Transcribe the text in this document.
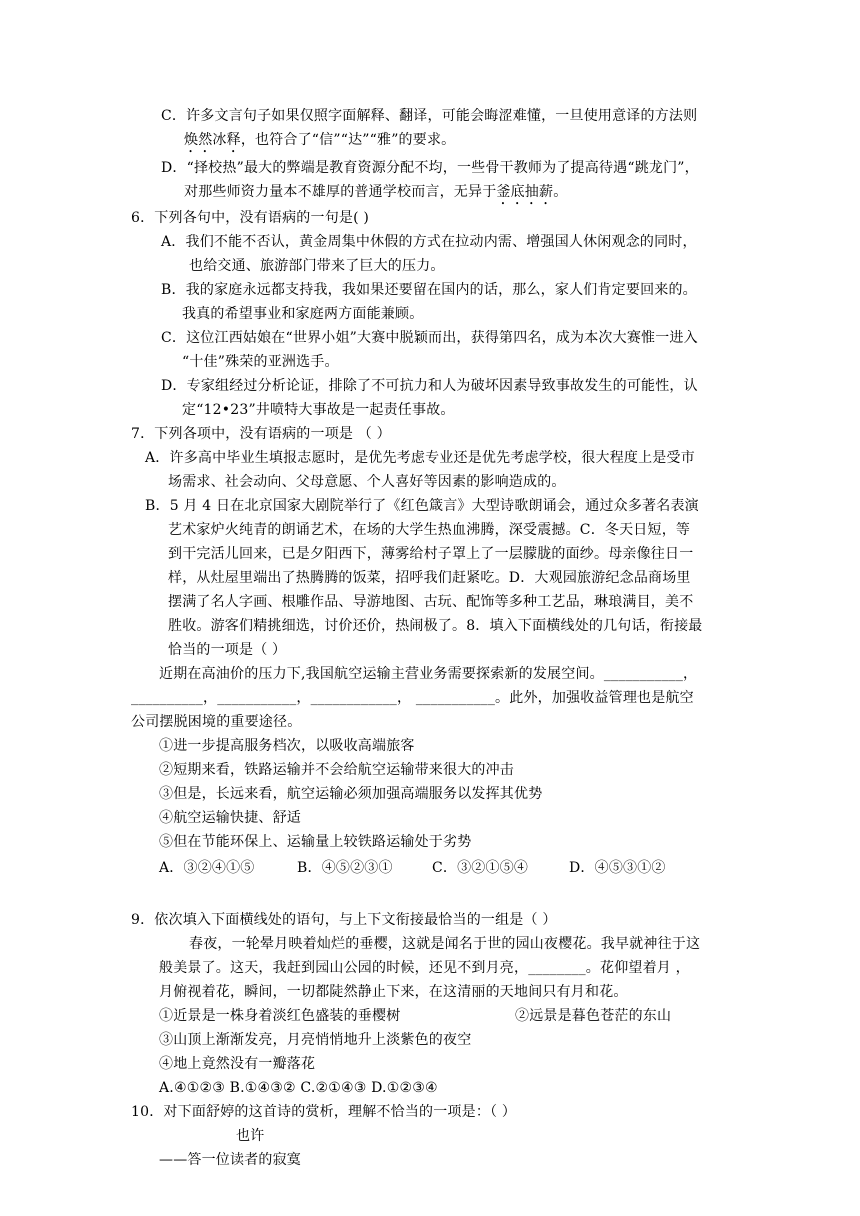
C．许多文言句子如果仅照字面解释、翻译，可能会晦涩难懂，一旦使用意译的方法则
焕然冰释，也符合了“信”“达”“雅”的要求。
D．“择校热”最大的弊端是教育资源分配不均，一些骨干教师为了提高待遇“跳龙门”，
对那些师资力量本不雄厚的普通学校而言，无异于釜底抽薪。
6．下列各句中，没有语病的一句是( )
A．我们不能不否认，黄金周集中休假的方式在拉动内需、增强国人休闲观念的同时，
也给交通、旅游部门带来了巨大的压力。
B．我的家庭永远都支持我，我如果还要留在国内的话，那么，家人们肯定要回来的。
我真的希望事业和家庭两方面能兼顾。
C．这位江西姑娘在“世界小姐”大赛中脱颖而出，获得第四名，成为本次大赛惟一进入
“十佳”殊荣的亚洲选手。
D．专家组经过分析论证，排除了不可抗力和人为破坏因素导致事故发生的可能性，认
定“12•23”井喷特大事故是一起责任事故。
7．下列各项中，没有语病的一项是 （ ）
A．许多高中毕业生填报志愿时，是优先考虑专业还是优先考虑学校，很大程度上是受市
场需求、社会动向、父母意愿、个人喜好等因素的影响造成的。
B．5 月 4 日在北京国家大剧院举行了《红色箴言》大型诗歌朗诵会，通过众多著名表演
艺术家炉火纯青的朗诵艺术，在场的大学生热血沸腾，深受震撼。C．冬天日短，等
到干完活儿回来，已是夕阳西下，薄雾给村子罩上了一层朦胧的面纱。母亲像往日一
样，从灶屋里端出了热腾腾的饭菜，招呼我们赶紧吃。D．大观园旅游纪念品商场里
摆满了名人字画、根雕作品、导游地图、古玩、配饰等多种工艺品，琳琅满目，美不
胜收。游客们精挑细选，讨价还价，热闹极了。8．填入下面横线处的几句话，衔接最
恰当的一项是（ ）
近期在高油价的压力下,我国航空运输主营业务需要探索新的发展空间。___________，
__________，___________，____________， ___________。此外，加强收益管理也是航空
公司摆脱困境的重要途径。
①进一步提高服务档次，以吸收高端旅客
②短期来看，铁路运输并不会给航空运输带来很大的冲击
③但是，长远来看，航空运输必须加强高端服务以发挥其优势
④航空运输快捷、舒适
⑤但在节能环保上、运输量上较铁路运输处于劣势
A．③②④①⑤	B．④⑤②③①	C．③②①⑤④	D．④⑤③①②
9．依次填入下面横线处的语句，与上下文衔接最恰当的一组是（ ）
春夜，一轮晕月映着灿烂的垂樱，这就是闻名于世的园山夜樱花。我早就神往于这
般美景了。这天，我赶到园山公园的时候，还见不到月亮，________。花仰望着月 ，
月俯视着花，瞬间，一切都陡然静止下来，在这清丽的天地间只有月和花。
①近景是一株身着淡红色盛装的垂樱树	②远景是暮色苍茫的东山
③山顶上渐渐发亮，月亮悄悄地升上淡紫色的夜空
④地上竟然没有一瓣落花
A.④①②③ B.①④③② C.②①④③ D.①②③④
10．对下面舒婷的这首诗的赏析，理解不恰当的一项是：（ ）
也许
——答一位读者的寂寞
